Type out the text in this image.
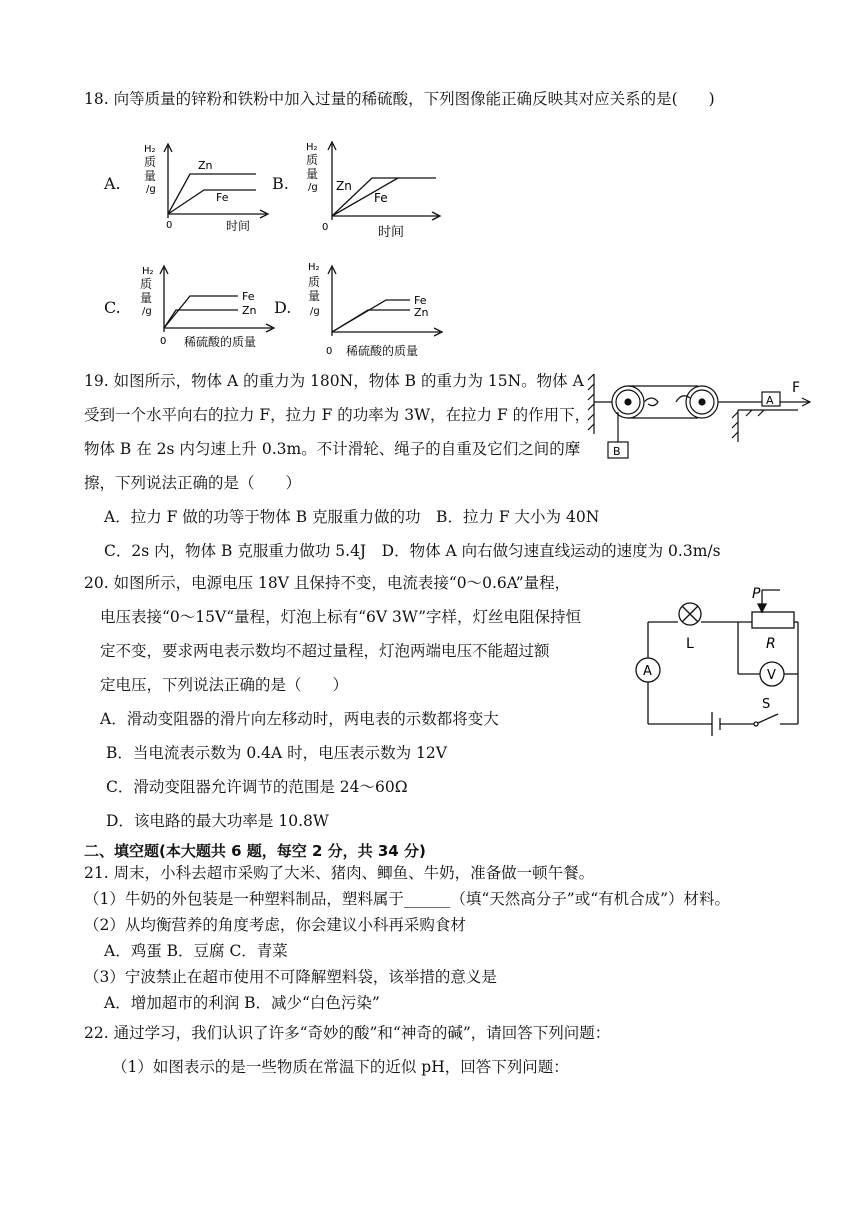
18. 向等质量的锌粉和铁粉中加入过量的稀硫酸，下列图像能正确反映其对应关系的是(　　)
A.
H₂
质
量
/g
Zn
Fe
0	时间
B.
H₂
质
量
/g Zn
Fe
0	时间
C.
H₂
质
量
/g
Fe
Zn
0 稀硫酸的质量
D.
H₂
质
量
/g
Fe
Zn
0 稀硫酸的质量
19. 如图所示，物体 A 的重力为 180N，物体 B 的重力为 15N。物体 A
受到一个水平向右的拉力 F，拉力 F 的功率为 3W，在拉力 F 的作用下，
物体 B 在 2s 内匀速上升 0.3m。不计滑轮、绳子的自重及它们之间的摩
擦，下列说法正确的是（　　）
A．拉力 F 做的功等于物体 B 克服重力做的功　B．拉力 F 大小为 40N
C．2s 内，物体 B 克服重力做功 5.4J　D．物体 A 向右做匀速直线运动的速度为 0.3m/s
A
B
F
20. 如图所示，电源电压 18V 且保持不变，电流表接“0～0.6A”量程，
电压表接“0～15V“量程，灯泡上标有“6V 3W”字样，灯丝电阻保持恒
定不变，要求两电表示数均不超过量程，灯泡两端电压不能超过额
定电压，下列说法正确的是（　　）
A．滑动变阻器的滑片向左移动时，两电表的示数都将变大
B．当电流表示数为 0.4A 时，电压表示数为 12V
C．滑动变阻器允许调节的范围是 24～60Ω
D．该电路的最大功率是 10.8W
P
L	R
A	V
S
二、填空题(本大题共 6 题，每空 2 分，共 34 分)
21. 周末，小科去超市采购了大米、猪肉、鲫鱼、牛奶，准备做一顿午餐。
（1）牛奶的外包装是一种塑料制品，塑料属于______（填“天然高分子”或“有机合成”）材料。
（2）从均衡营养的角度考虑，你会建议小科再采购食材
A．鸡蛋 B．豆腐 C．青菜
（3）宁波禁止在超市使用不可降解塑料袋，该举措的意义是
A．增加超市的利润 B．减少“白色污染”
22. 通过学习，我们认识了许多“奇妙的酸”和“神奇的碱”，请回答下列问题：
（1）如图表示的是一些物质在常温下的近似 pH，回答下列问题：
